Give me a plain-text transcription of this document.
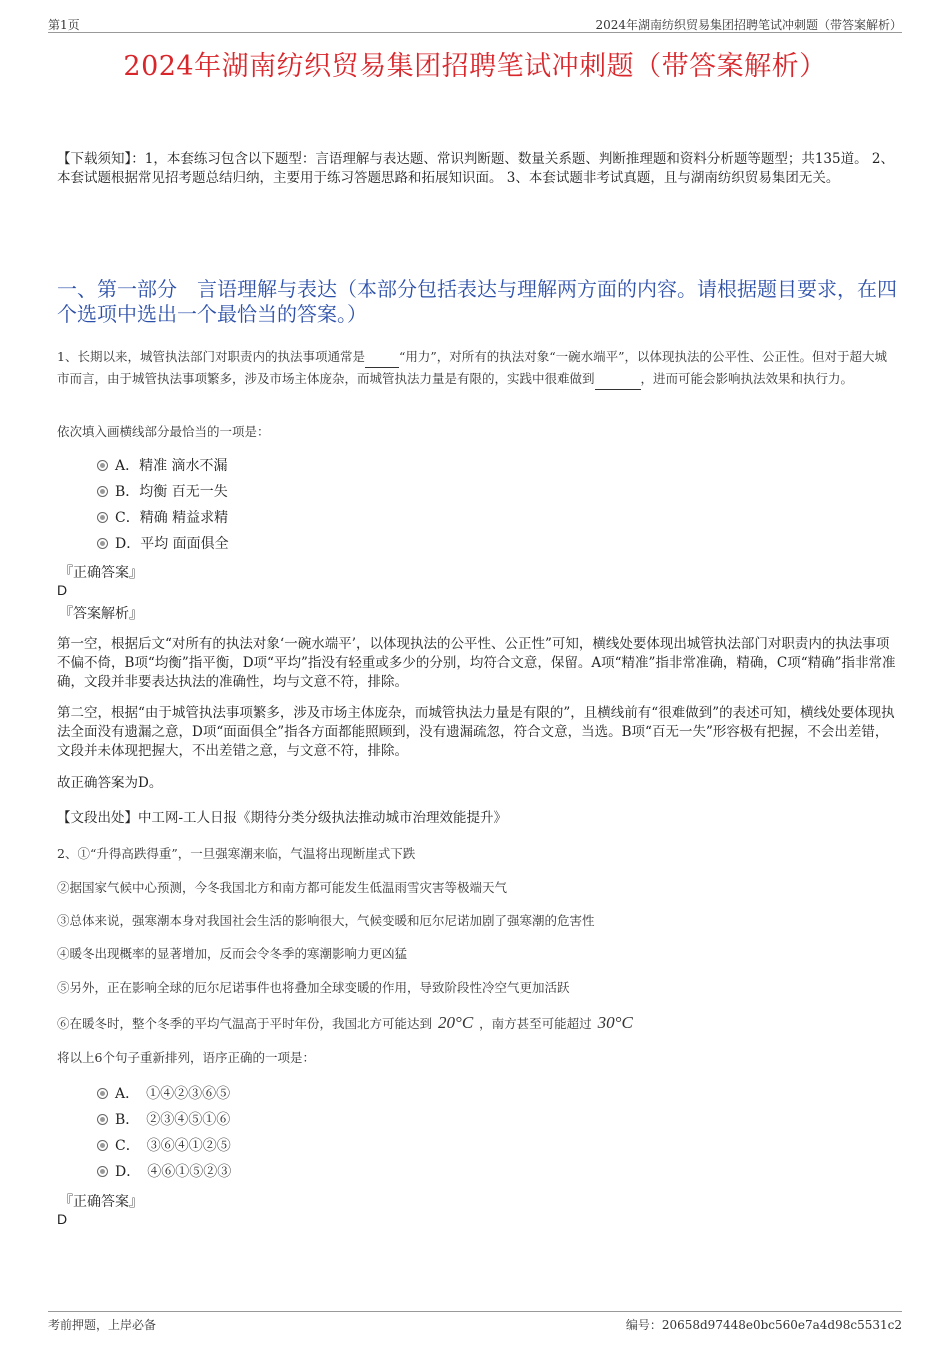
第1页	2024年湖南纺织贸易集团招聘笔试冲刺题（带答案解析）
2024年湖南纺织贸易集团招聘笔试冲刺题（带答案解析）
【下载须知】：1，本套练习包含以下题型：言语理解与表达题、常识判断题、数量关系题、判断推理题和资料分析题等题型；共135道。 2、本套试题根据常见招考题总结归纳，主要用于练习答题思路和拓展知识面。 3、本套试题非考试真题，且与湖南纺织贸易集团无关。
一、第一部分　言语理解与表达（本部分包括表达与理解两方面的内容。请根据题目要求，在四个选项中选出一个最恰当的答案。）
1、长期以来，城管执法部门对职责内的执法事项通常是	“用力”，对所有的执法对象“一碗水端平”，以体现执法的公平性、公正性。但对于超大城市而言，由于城管执法事项繁多，涉及市场主体庞杂，而城管执法力量是有限的，实践中很难做到	，进而可能会影响执法效果和执行力。
依次填入画横线部分最恰当的一项是：
A．精准 滴水不漏
B．均衡 百无一失
C．精确 精益求精
D．平均 面面俱全
『正确答案』
D
『答案解析』
第一空，根据后文“对所有的执法对象‘一碗水端平’，以体现执法的公平性、公正性”可知，横线处要体现出城管执法部门对职责内的执法事项不偏不倚，B项“均衡”指平衡，D项“平均”指没有轻重或多少的分别，均符合文意，保留。A项“精准”指非常准确，精确，C项“精确”指非常准确，文段并非要表达执法的准确性，均与文意不符，排除。
第二空，根据“由于城管执法事项繁多，涉及市场主体庞杂，而城管执法力量是有限的”，且横线前有“很难做到”的表述可知，横线处要体现执法全面没有遗漏之意，D项“面面俱全”指各方面都能照顾到，没有遗漏疏忽，符合文意，当选。B项“百无一失”形容极有把握，不会出差错，文段并未体现把握大，不出差错之意，与文意不符，排除。
故正确答案为D。
【文段出处】中工网-工人日报《期待分类分级执法推动城市治理效能提升》
2、①“升得高跌得重”，一旦强寒潮来临，气温将出现断崖式下跌
②据国家气候中心预测，今冬我国北方和南方都可能发生低温雨雪灾害等极端天气
③总体来说，强寒潮本身对我国社会生活的影响很大，气候变暖和厄尔尼诺加剧了强寒潮的危害性
④暖冬出现概率的显著增加，反而会令冬季的寒潮影响力更凶猛
⑤另外，正在影响全球的厄尔尼诺事件也将叠加全球变暖的作用，导致阶段性冷空气更加活跃
⑥在暖冬时，整个冬季的平均气温高于平时年份，我国北方可能达到 20°C ，南方甚至可能超过 30°C
将以上6个句子重新排列，语序正确的一项是：
A．　①④②③⑥⑤
B．　②③④⑤①⑥
C．　③⑥④①②⑤
D．　④⑥①⑤②③
『正确答案』
D
考前押题，上岸必备	编号：20658d97448e0bc560e7a4d98c5531c2
